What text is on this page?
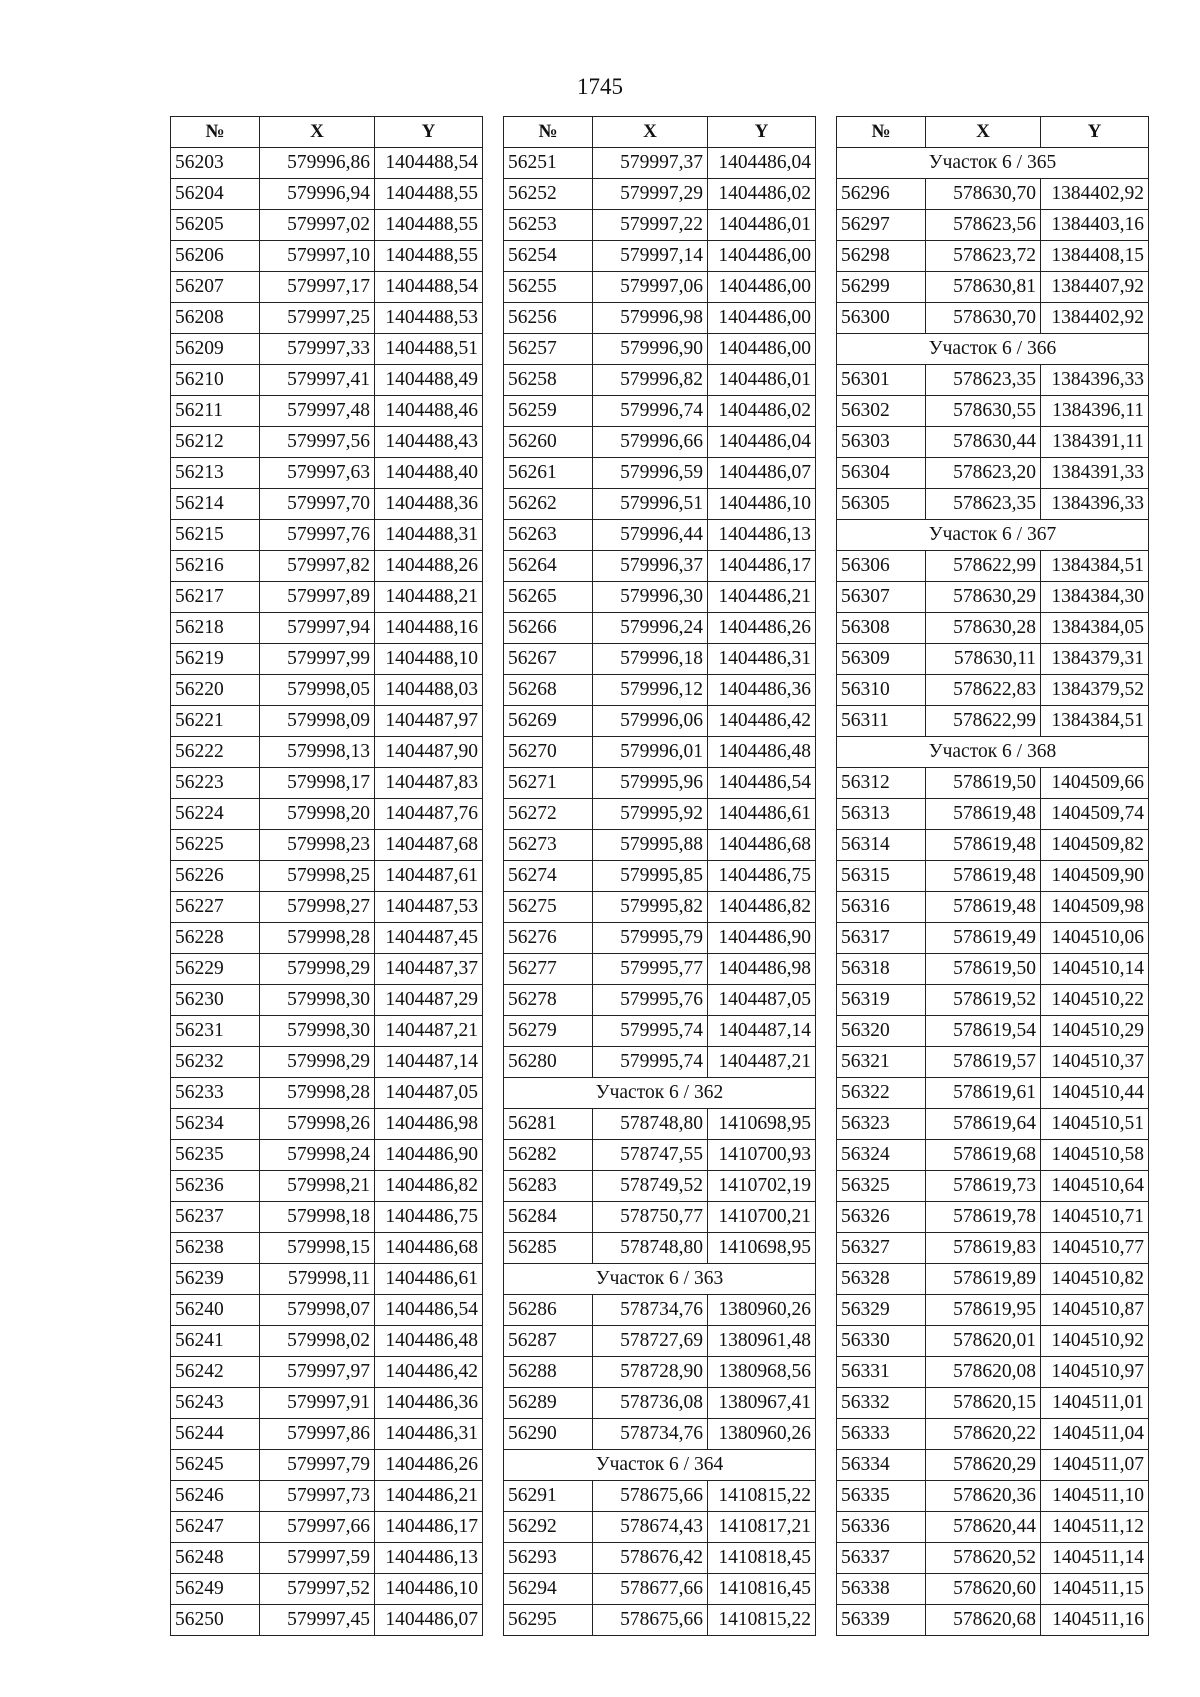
1745
№	X	Y
56203	579996,86	1404488,54
56204	579996,94	1404488,55
56205	579997,02	1404488,55
56206	579997,10	1404488,55
56207	579997,17	1404488,54
56208	579997,25	1404488,53
56209	579997,33	1404488,51
56210	579997,41	1404488,49
56211	579997,48	1404488,46
56212	579997,56	1404488,43
56213	579997,63	1404488,40
56214	579997,70	1404488,36
56215	579997,76	1404488,31
56216	579997,82	1404488,26
56217	579997,89	1404488,21
56218	579997,94	1404488,16
56219	579997,99	1404488,10
56220	579998,05	1404488,03
56221	579998,09	1404487,97
56222	579998,13	1404487,90
56223	579998,17	1404487,83
56224	579998,20	1404487,76
56225	579998,23	1404487,68
56226	579998,25	1404487,61
56227	579998,27	1404487,53
56228	579998,28	1404487,45
56229	579998,29	1404487,37
56230	579998,30	1404487,29
56231	579998,30	1404487,21
56232	579998,29	1404487,14
56233	579998,28	1404487,05
56234	579998,26	1404486,98
56235	579998,24	1404486,90
56236	579998,21	1404486,82
56237	579998,18	1404486,75
56238	579998,15	1404486,68
56239	579998,11	1404486,61
56240	579998,07	1404486,54
56241	579998,02	1404486,48
56242	579997,97	1404486,42
56243	579997,91	1404486,36
56244	579997,86	1404486,31
56245	579997,79	1404486,26
56246	579997,73	1404486,21
56247	579997,66	1404486,17
56248	579997,59	1404486,13
56249	579997,52	1404486,10
56250	579997,45	1404486,07
№	X	Y
56251	579997,37	1404486,04
56252	579997,29	1404486,02
56253	579997,22	1404486,01
56254	579997,14	1404486,00
56255	579997,06	1404486,00
56256	579996,98	1404486,00
56257	579996,90	1404486,00
56258	579996,82	1404486,01
56259	579996,74	1404486,02
56260	579996,66	1404486,04
56261	579996,59	1404486,07
56262	579996,51	1404486,10
56263	579996,44	1404486,13
56264	579996,37	1404486,17
56265	579996,30	1404486,21
56266	579996,24	1404486,26
56267	579996,18	1404486,31
56268	579996,12	1404486,36
56269	579996,06	1404486,42
56270	579996,01	1404486,48
56271	579995,96	1404486,54
56272	579995,92	1404486,61
56273	579995,88	1404486,68
56274	579995,85	1404486,75
56275	579995,82	1404486,82
56276	579995,79	1404486,90
56277	579995,77	1404486,98
56278	579995,76	1404487,05
56279	579995,74	1404487,14
56280	579995,74	1404487,21
Участок 6 / 362		
56281	578748,80	1410698,95
56282	578747,55	1410700,93
56283	578749,52	1410702,19
56284	578750,77	1410700,21
56285	578748,80	1410698,95
Участок 6 / 363		
56286	578734,76	1380960,26
56287	578727,69	1380961,48
56288	578728,90	1380968,56
56289	578736,08	1380967,41
56290	578734,76	1380960,26
Участок 6 / 364		
56291	578675,66	1410815,22
56292	578674,43	1410817,21
56293	578676,42	1410818,45
56294	578677,66	1410816,45
56295	578675,66	1410815,22
№	X	Y
Участок 6 / 365		
56296	578630,70	1384402,92
56297	578623,56	1384403,16
56298	578623,72	1384408,15
56299	578630,81	1384407,92
56300	578630,70	1384402,92
Участок 6 / 366		
56301	578623,35	1384396,33
56302	578630,55	1384396,11
56303	578630,44	1384391,11
56304	578623,20	1384391,33
56305	578623,35	1384396,33
Участок 6 / 367		
56306	578622,99	1384384,51
56307	578630,29	1384384,30
56308	578630,28	1384384,05
56309	578630,11	1384379,31
56310	578622,83	1384379,52
56311	578622,99	1384384,51
Участок 6 / 368		
56312	578619,50	1404509,66
56313	578619,48	1404509,74
56314	578619,48	1404509,82
56315	578619,48	1404509,90
56316	578619,48	1404509,98
56317	578619,49	1404510,06
56318	578619,50	1404510,14
56319	578619,52	1404510,22
56320	578619,54	1404510,29
56321	578619,57	1404510,37
56322	578619,61	1404510,44
56323	578619,64	1404510,51
56324	578619,68	1404510,58
56325	578619,73	1404510,64
56326	578619,78	1404510,71
56327	578619,83	1404510,77
56328	578619,89	1404510,82
56329	578619,95	1404510,87
56330	578620,01	1404510,92
56331	578620,08	1404510,97
56332	578620,15	1404511,01
56333	578620,22	1404511,04
56334	578620,29	1404511,07
56335	578620,36	1404511,10
56336	578620,44	1404511,12
56337	578620,52	1404511,14
56338	578620,60	1404511,15
56339	578620,68	1404511,16
